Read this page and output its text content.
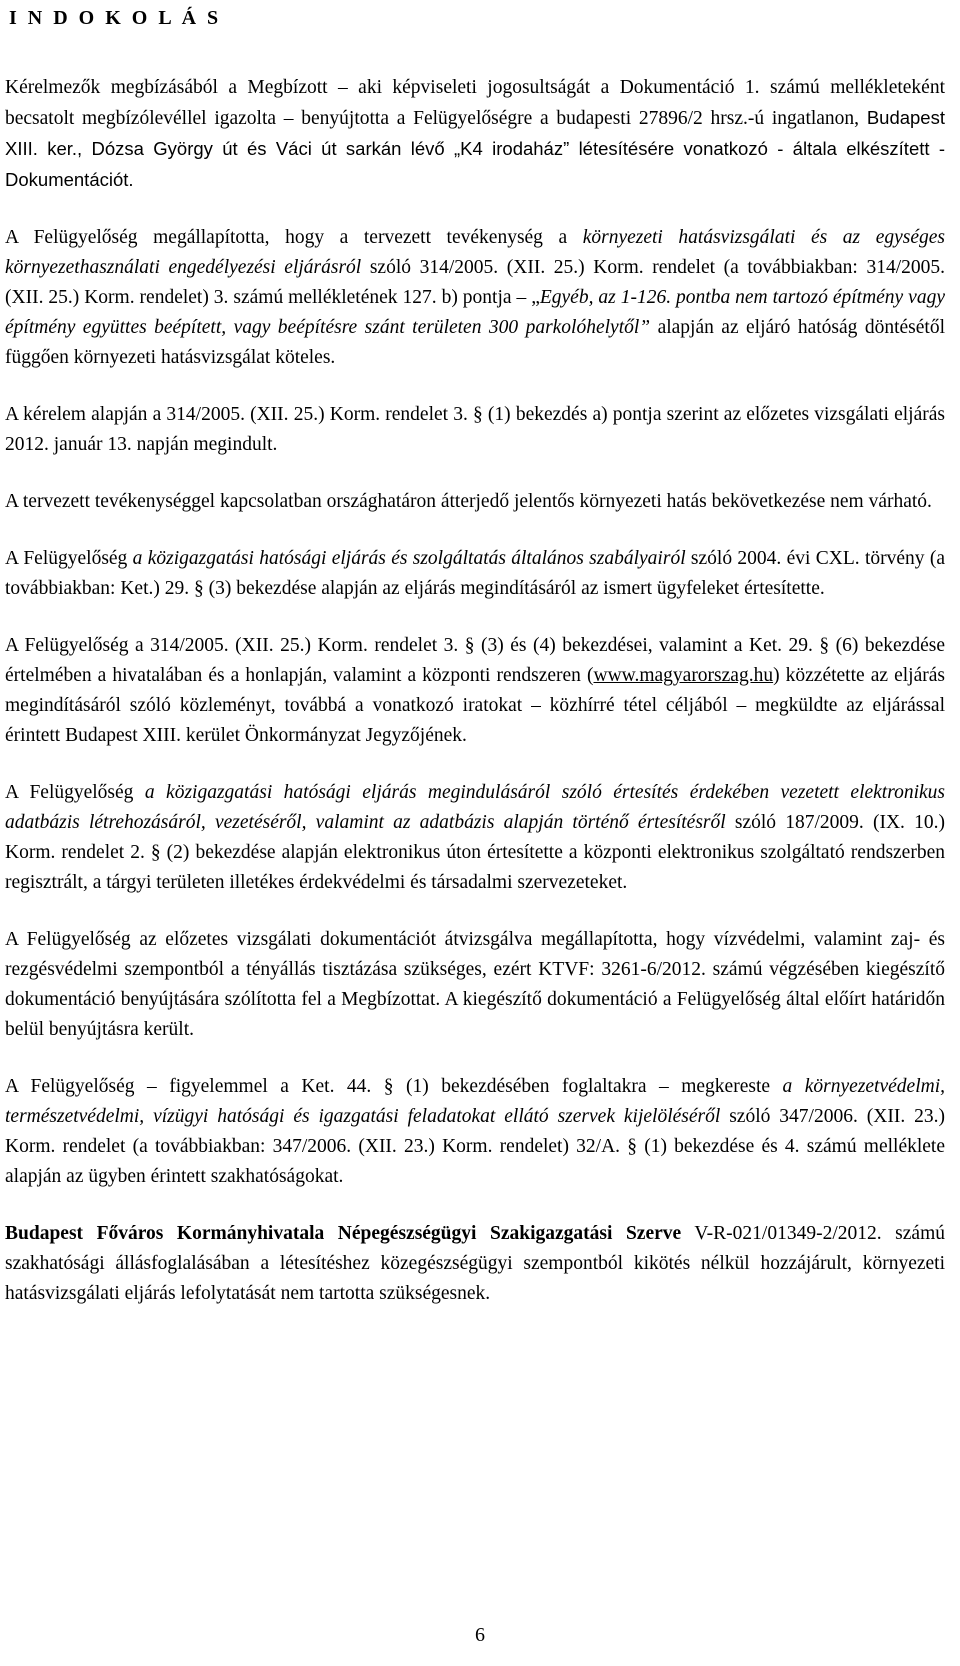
I N D O K O L Á S

Kérelmezők megbízásából a Megbízott – aki képviseleti jogosultságát a Dokumentáció 1. számú mellékleteként becsatolt megbízólevéllel igazolta – benyújtotta a Felügyelőségre a budapesti 27896/2 hrsz.-ú ingatlanon, Budapest XIII. ker., Dózsa György út és Váci út sarkán lévő „K4 irodaház” létesítésére vonatkozó - általa elkészített - Dokumentációt.

A Felügyelőség megállapította, hogy a tervezett tevékenység a környezeti hatásvizsgálati és az egységes környezethasználati engedélyezési eljárásról szóló 314/2005. (XII. 25.) Korm. rendelet (a továbbiakban: 314/2005. (XII. 25.) Korm. rendelet) 3. számú mellékletének 127. b) pontja – „Egyéb, az 1-126. pontba nem tartozó építmény vagy építmény együttes beépített, vagy beépítésre szánt területen 300 parkolóhelytől” alapján az eljáró hatóság döntésétől függően környezeti hatásvizsgálat köteles.

A kérelem alapján a 314/2005. (XII. 25.) Korm. rendelet 3. § (1) bekezdés a) pontja szerint az előzetes vizsgálati eljárás 2012. január 13. napján megindult.

A tervezett tevékenységgel kapcsolatban országhatáron átterjedő jelentős környezeti hatás bekövetkezése nem várható.

A Felügyelőség a közigazgatási hatósági eljárás és szolgáltatás általános szabályairól szóló 2004. évi CXL. törvény (a továbbiakban: Ket.) 29. § (3) bekezdése alapján az eljárás megindításáról az ismert ügyfeleket értesítette.

A Felügyelőség a 314/2005. (XII. 25.) Korm. rendelet 3. § (3) és (4) bekezdései, valamint a Ket. 29. § (6) bekezdése értelmében a hivatalában és a honlapján, valamint a központi rendszeren (www.magyarorszag.hu) közzétette az eljárás megindításáról szóló közleményt, továbbá a vonatkozó iratokat – közhírré tétel céljából – megküldte az eljárással érintett Budapest XIII. kerület Önkormányzat Jegyzőjének.

A Felügyelőség a közigazgatási hatósági eljárás megindulásáról szóló értesítés érdekében vezetett elektronikus adatbázis létrehozásáról, vezetéséről, valamint az adatbázis alapján történő értesítésről szóló 187/2009. (IX. 10.) Korm. rendelet 2. § (2) bekezdése alapján elektronikus úton értesítette a központi elektronikus szolgáltató rendszerben regisztrált, a tárgyi területen illetékes érdekvédelmi és társadalmi szervezeteket.

A Felügyelőség az előzetes vizsgálati dokumentációt átvizsgálva megállapította, hogy vízvédelmi, valamint zaj- és rezgésvédelmi szempontból a tényállás tisztázása szükséges, ezért KTVF: 3261-6/2012. számú végzésében kiegészítő dokumentáció benyújtására szólította fel a Megbízottat. A kiegészítő dokumentáció a Felügyelőség által előírt határidőn belül benyújtásra került.

A Felügyelőség – figyelemmel a Ket. 44. § (1) bekezdésében foglaltakra – megkereste a környezetvédelmi, természetvédelmi, vízügyi hatósági és igazgatási feladatokat ellátó szervek kijelöléséről szóló 347/2006. (XII. 23.) Korm. rendelet (a továbbiakban: 347/2006. (XII. 23.) Korm. rendelet) 32/A. § (1) bekezdése és 4. számú melléklete alapján az ügyben érintett szakhatóságokat.

Budapest Főváros Kormányhivatala Népegészségügyi Szakigazgatási Szerve V-R-021/01349-2/2012. számú szakhatósági állásfoglalásában a létesítéshez közegészségügyi szempontból kikötés nélkül hozzájárult, környezeti hatásvizsgálati eljárás lefolytatását nem tartotta szükségesnek.

6
